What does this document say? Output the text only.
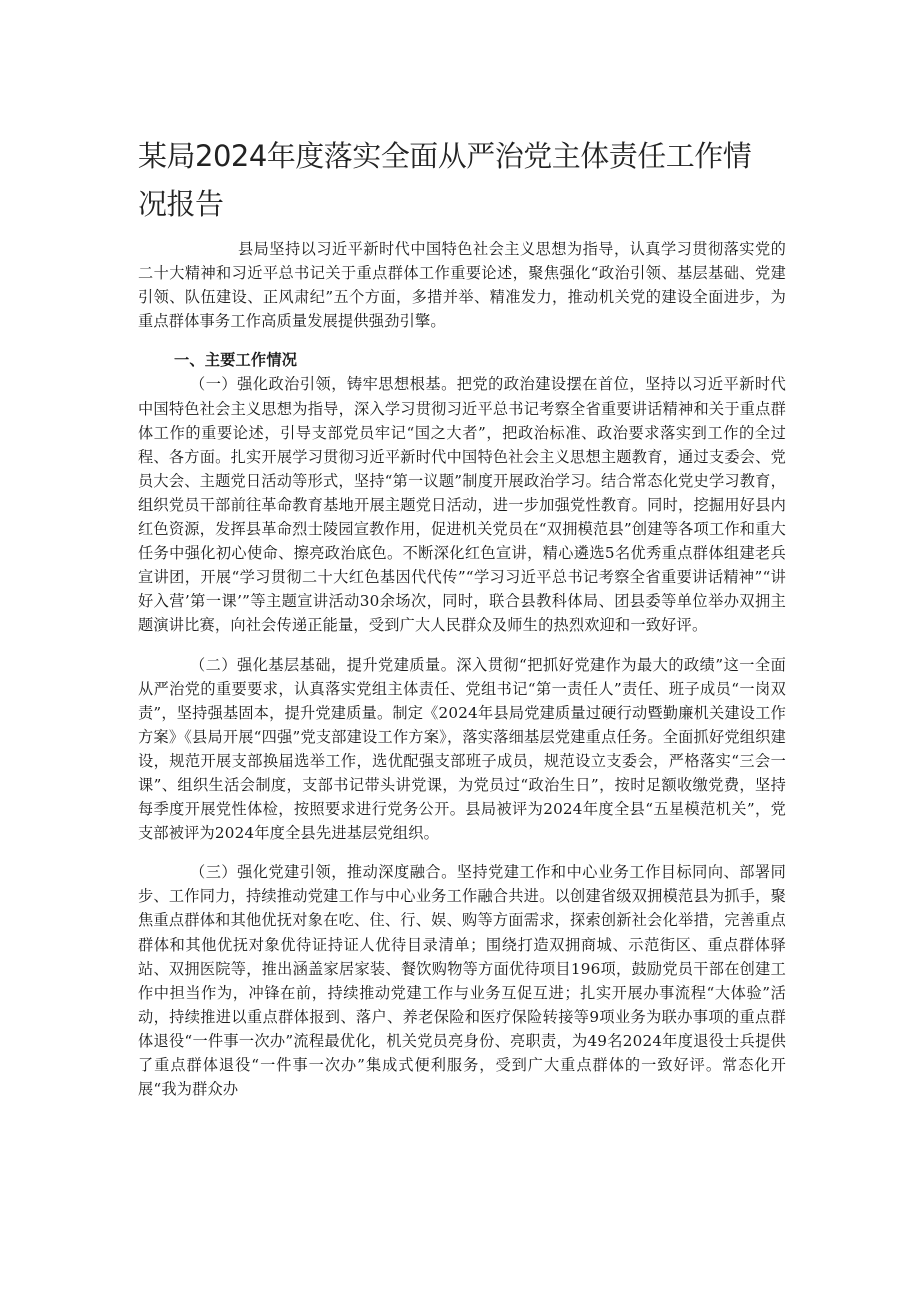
某局2024年度落实全面从严治党主体责任工作情况报告

县局坚持以习近平新时代中国特色社会主义思想为指导，认真学习贯彻落实党的二十大精神和习近平总书记关于重点群体工作重要论述，聚焦强化“政治引领、基层基础、党建引领、队伍建设、正风肃纪”五个方面，多措并举、精准发力，推动机关党的建设全面进步，为重点群体事务工作高质量发展提供强劲引擎。

一、主要工作情况

（一）强化政治引领，铸牢思想根基。把党的政治建设摆在首位，坚持以习近平新时代中国特色社会主义思想为指导，深入学习贯彻习近平总书记考察全省重要讲话精神和关于重点群体工作的重要论述，引导支部党员牢记“国之大者”，把政治标准、政治要求落实到工作的全过程、各方面。扎实开展学习贯彻习近平新时代中国特色社会主义思想主题教育，通过支委会、党员大会、主题党日活动等形式，坚持“第一议题”制度开展政治学习。结合常态化党史学习教育，组织党员干部前往革命教育基地开展主题党日活动，进一步加强党性教育。同时，挖掘用好县内红色资源，发挥县革命烈士陵园宣教作用，促进机关党员在“双拥模范县”创建等各项工作和重大任务中强化初心使命、擦亮政治底色。不断深化红色宣讲，精心遴选5名优秀重点群体组建老兵宣讲团，开展“学习贯彻二十大红色基因代代传”“学习习近平总书记考察全省重要讲话精神”“讲好入营’第一课’”等主题宣讲活动30余场次，同时，联合县教科体局、团县委等单位举办双拥主题演讲比赛，向社会传递正能量，受到广大人民群众及师生的热烈欢迎和一致好评。

（二）强化基层基础，提升党建质量。深入贯彻“把抓好党建作为最大的政绩”这一全面从严治党的重要要求，认真落实党组主体责任、党组书记“第一责任人”责任、班子成员“一岗双责”，坚持强基固本，提升党建质量。制定《2024年县局党建质量过硬行动暨勤廉机关建设工作方案》《县局开展“四强”党支部建设工作方案》，落实落细基层党建重点任务。全面抓好党组织建设，规范开展支部换届选举工作，选优配强支部班子成员，规范设立支委会，严格落实“三会一课”、组织生活会制度，支部书记带头讲党课，为党员过“政治生日”，按时足额收缴党费，坚持每季度开展党性体检，按照要求进行党务公开。县局被评为2024年度全县“五星模范机关”，党支部被评为2024年度全县先进基层党组织。

（三）强化党建引领，推动深度融合。坚持党建工作和中心业务工作目标同向、部署同步、工作同力，持续推动党建工作与中心业务工作融合共进。以创建省级双拥模范县为抓手，聚焦重点群体和其他优抚对象在吃、住、行、娱、购等方面需求，探索创新社会化举措，完善重点群体和其他优抚对象优待证持证人优待目录清单；围绕打造双拥商城、示范街区、重点群体驿站、双拥医院等，推出涵盖家居家装、餐饮购物等方面优待项目196项，鼓励党员干部在创建工作中担当作为，冲锋在前，持续推动党建工作与业务互促互进；扎实开展办事流程“大体验”活动，持续推进以重点群体报到、落户、养老保险和医疗保险转接等9项业务为联办事项的重点群体退役“一件事一次办”流程最优化，机关党员亮身份、亮职责，为49名2024年度退役士兵提供了重点群体退役“一件事一次办”集成式便利服务，受到广大重点群体的一致好评。常态化开展“我为群众办
